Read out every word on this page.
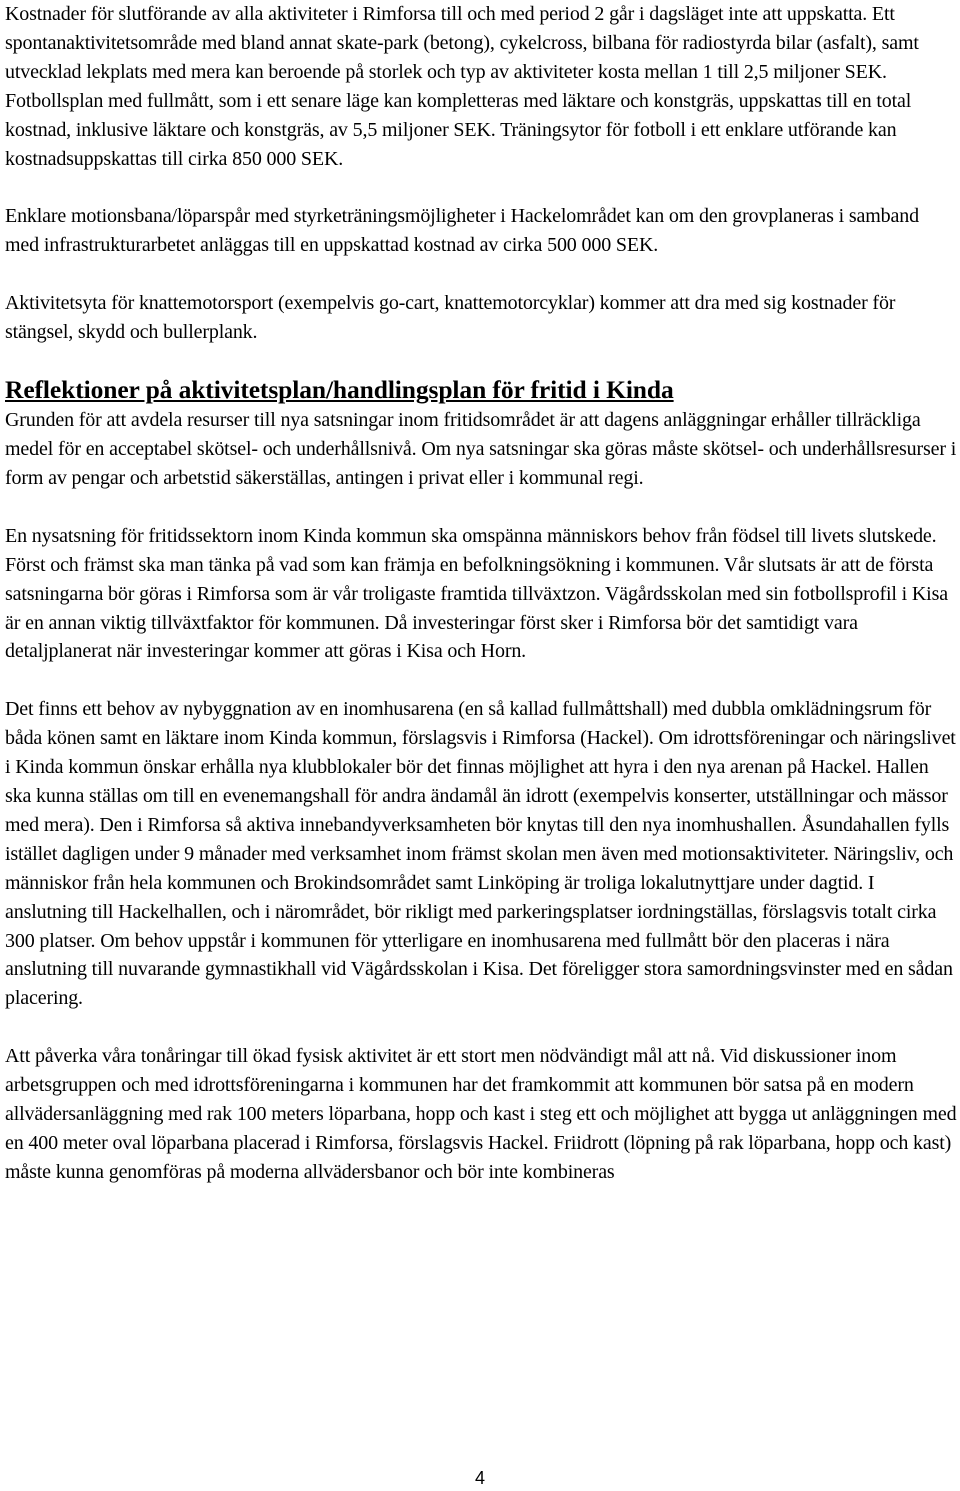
Kostnader för slutförande av alla aktiviteter i Rimforsa till och med period 2 går i dagsläget inte att uppskatta. Ett spontanaktivitetsområde med bland annat skate-park (betong), cykelcross, bilbana för radiostyrda bilar (asfalt), samt utvecklad lekplats med mera kan beroende på storlek och typ av aktiviteter kosta mellan 1 till 2,5 miljoner SEK. Fotbollsplan med fullmått, som i ett senare läge kan kompletteras med läktare och konstgräs, uppskattas till en total kostnad, inklusive läktare och konstgräs, av 5,5 miljoner SEK. Träningsytor för fotboll i ett enklare utförande kan kostnadsuppskattas till cirka 850 000 SEK.

Enklare motionsbana/löparspår med styrketräningsmöjligheter i Hackelområdet kan om den grovplaneras i samband med infrastrukturarbetet anläggas till en uppskattad kostnad av cirka 500 000 SEK.

Aktivitetsyta för knattemotorsport (exempelvis go-cart, knattemotorcyklar) kommer att dra med sig kostnader för stängsel, skydd och bullerplank.

Reflektioner på aktivitetsplan/handlingsplan för fritid i Kinda

Grunden för att avdela resurser till nya satsningar inom fritidsområdet är att dagens anläggningar erhåller tillräckliga medel för en acceptabel skötsel- och underhållsnivå. Om nya satsningar ska göras måste skötsel- och underhållsresurser i form av pengar och arbetstid säkerställas, antingen i privat eller i kommunal regi.

En nysatsning för fritidssektorn inom Kinda kommun ska omspänna människors behov från födsel till livets slutskede. Först och främst ska man tänka på vad som kan främja en befolkningsökning i kommunen. Vår slutsats är att de första satsningarna bör göras i Rimforsa som är vår troligaste framtida tillväxtzon. Vägårdsskolan med sin fotbollsprofil i Kisa är en annan viktig tillväxtfaktor för kommunen. Då investeringar först sker i Rimforsa bör det samtidigt vara detaljplanerat när investeringar kommer att göras i Kisa och Horn.

Det finns ett behov av nybyggnation av en inomhusarena (en så kallad fullmåttshall) med dubbla omklädningsrum för båda könen samt en läktare inom Kinda kommun, förslagsvis i Rimforsa (Hackel). Om idrottsföreningar och näringslivet i Kinda kommun önskar erhålla nya klubblokaler bör det finnas möjlighet att hyra i den nya arenan på Hackel. Hallen ska kunna ställas om till en evenemangshall för andra ändamål än idrott (exempelvis konserter, utställningar och mässor med mera). Den i Rimforsa så aktiva innebandyverksamheten bör knytas till den nya inomhushallen. Åsundahallen fylls istället dagligen under 9 månader med verksamhet inom främst skolan men även med motionsaktiviteter. Näringsliv, och människor från hela kommunen och Brokindsområdet samt Linköping är troliga lokalutnyttjare under dagtid. I anslutning till Hackelhallen, och i närområdet, bör rikligt med parkeringsplatser iordningställas, förslagsvis totalt cirka 300 platser. Om behov uppstår i kommunen för ytterligare en inomhusarena med fullmått bör den placeras i nära anslutning till nuvarande gymnastikhall vid Vägårdsskolan i Kisa. Det föreligger stora samordningsvinster med en sådan placering.

Att påverka våra tonåringar till ökad fysisk aktivitet är ett stort men nödvändigt mål att nå. Vid diskussioner inom arbetsgruppen och med idrottsföreningarna i kommunen har det framkommit att kommunen bör satsa på en modern allvädersanläggning med rak 100 meters löparbana, hopp och kast i steg ett och möjlighet att bygga ut anläggningen med en 400 meter oval löparbana placerad i Rimforsa, förslagsvis Hackel. Friidrott (löpning på rak löparbana, hopp och kast) måste kunna genomföras på moderna allvädersbanor och bör inte kombineras

4
